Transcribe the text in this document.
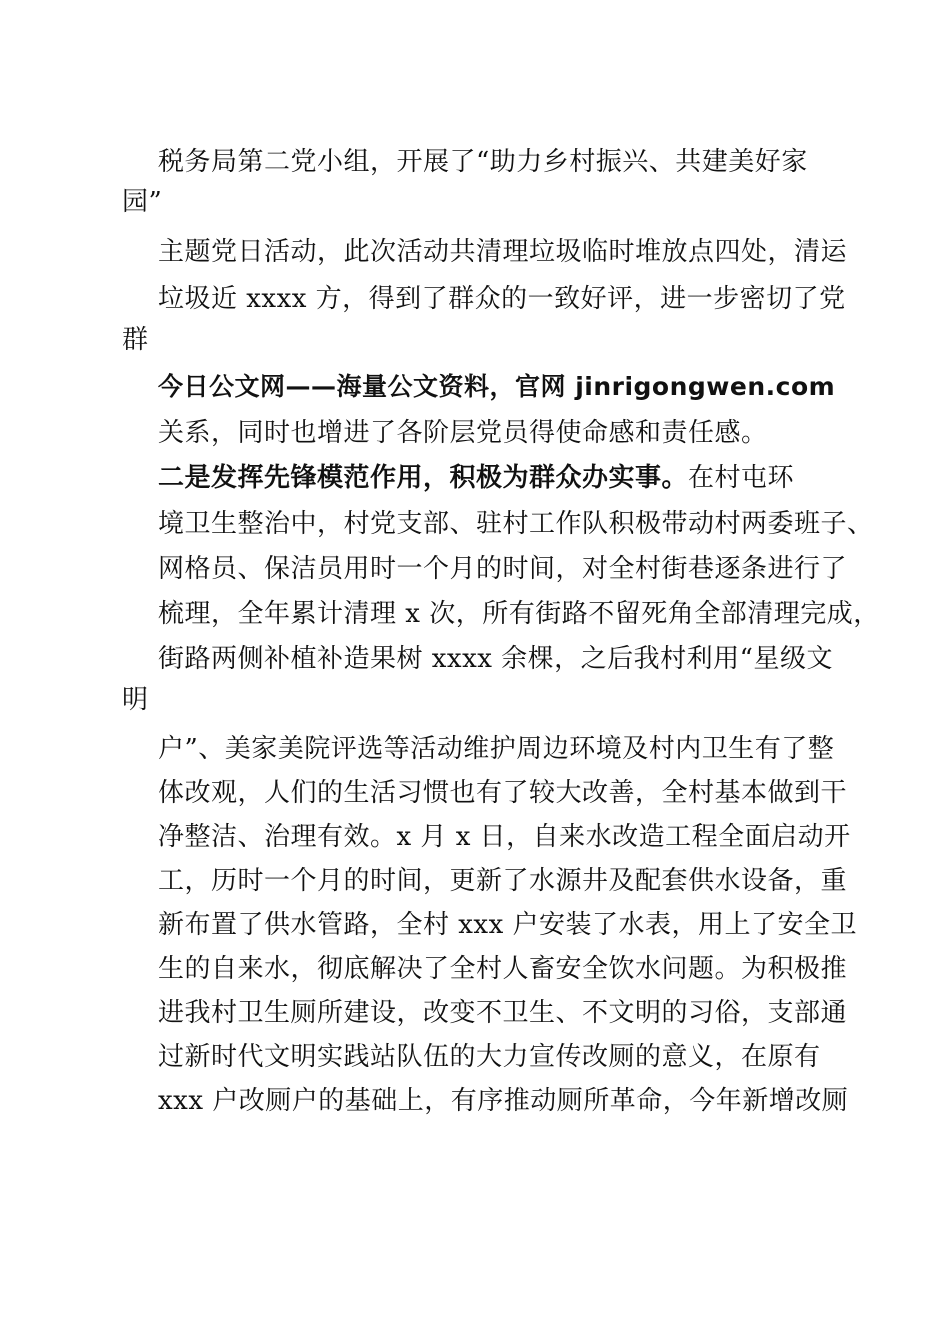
税务局第二党小组，开展了“助力乡村振兴、共建美好家
园”
主题党日活动，此次活动共清理垃圾临时堆放点四处，清运
垃圾近 xxxx 方，得到了群众的一致好评，进一步密切了党
群
今日公文网——海量公文资料，官网 jinrigongwen.com
关系，同时也增进了各阶层党员得使命感和责任感。
二是发挥先锋模范作用，积极为群众办实事。在村屯环
境卫生整治中，村党支部、驻村工作队积极带动村两委班子、
网格员、保洁员用时一个月的时间，对全村街巷逐条进行了
梳理，全年累计清理 x 次，所有街路不留死角全部清理完成，
街路两侧补植补造果树 xxxx 余棵，之后我村利用“星级文
明
户”、美家美院评选等活动维护周边环境及村内卫生有了整
体改观，人们的生活习惯也有了较大改善，全村基本做到干
净整洁、治理有效。x 月 x 日，自来水改造工程全面启动开
工，历时一个月的时间，更新了水源井及配套供水设备，重
新布置了供水管路，全村 xxx 户安装了水表，用上了安全卫
生的自来水，彻底解决了全村人畜安全饮水问题。为积极推
进我村卫生厕所建设，改变不卫生、不文明的习俗，支部通
过新时代文明实践站队伍的大力宣传改厕的意义，在原有
xxx 户改厕户的基础上，有序推动厕所革命，今年新增改厕
